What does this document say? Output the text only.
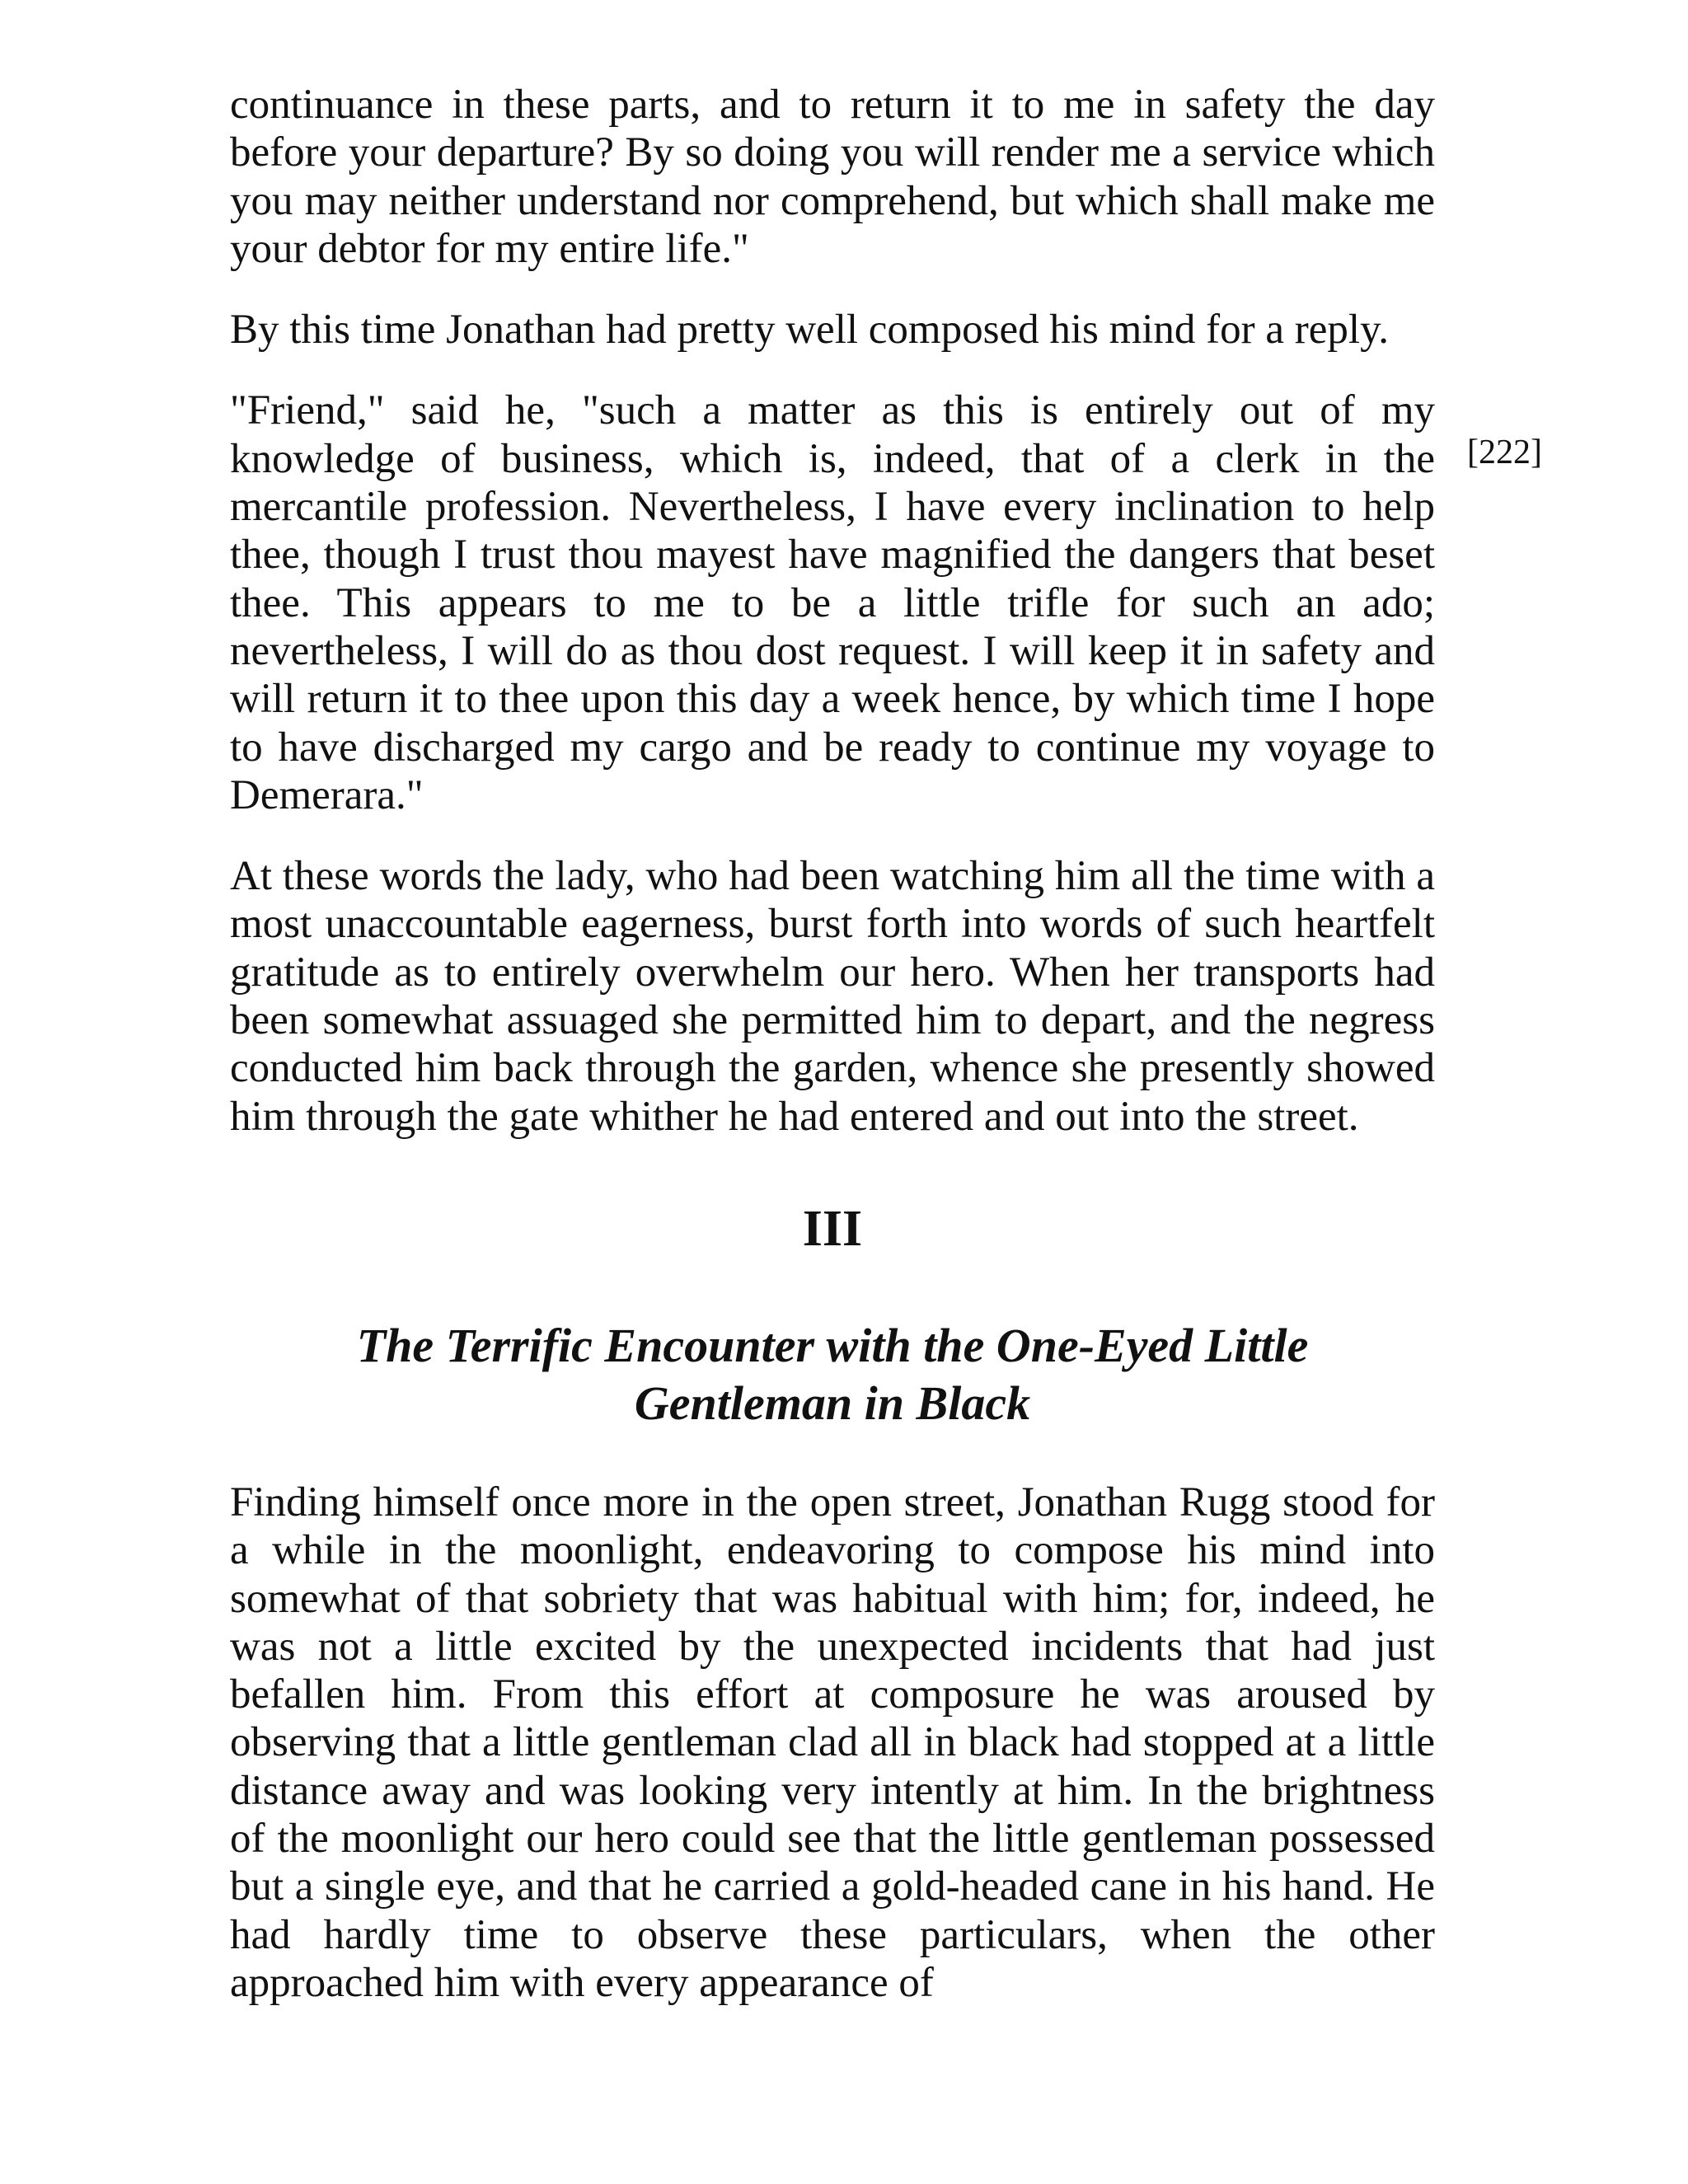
[222]

continuance in these parts, and to return it to me in safety the day before your departure? By so doing you will render me a service which you may neither understand nor comprehend, but which shall make me your debtor for my entire life."

By this time Jonathan had pretty well composed his mind for a reply.

"Friend," said he, "such a matter as this is entirely out of my knowledge of business, which is, indeed, that of a clerk in the mercantile profession. Nevertheless, I have every inclination to help thee, though I trust thou mayest have magnified the dangers that beset thee. This appears to me to be a little trifle for such an ado; nevertheless, I will do as thou dost request. I will keep it in safety and will return it to thee upon this day a week hence, by which time I hope to have discharged my cargo and be ready to continue my voyage to Demerara."

At these words the lady, who had been watching him all the time with a most unaccountable eagerness, burst forth into words of such heartfelt gratitude as to entirely overwhelm our hero. When her transports had been somewhat assuaged she permitted him to depart, and the negress conducted him back through the garden, whence she presently showed him through the gate whither he had entered and out into the street.

III
The Terrific Encounter with the One-Eyed Little
Gentleman in Black

Finding himself once more in the open street, Jonathan Rugg stood for a while in the moonlight, endeavoring to compose his mind into somewhat of that sobriety that was habitual with him; for, indeed, he was not a little excited by the unexpected incidents that had just befallen him. From this effort at composure he was aroused by observing that a little gentleman clad all in black had stopped at a little distance away and was looking very intently at him. In the brightness of the moonlight our hero could see that the little gentleman possessed but a single eye, and that he carried a gold-headed cane in his hand. He had hardly time to observe these particulars, when the other approached him with every appearance of
